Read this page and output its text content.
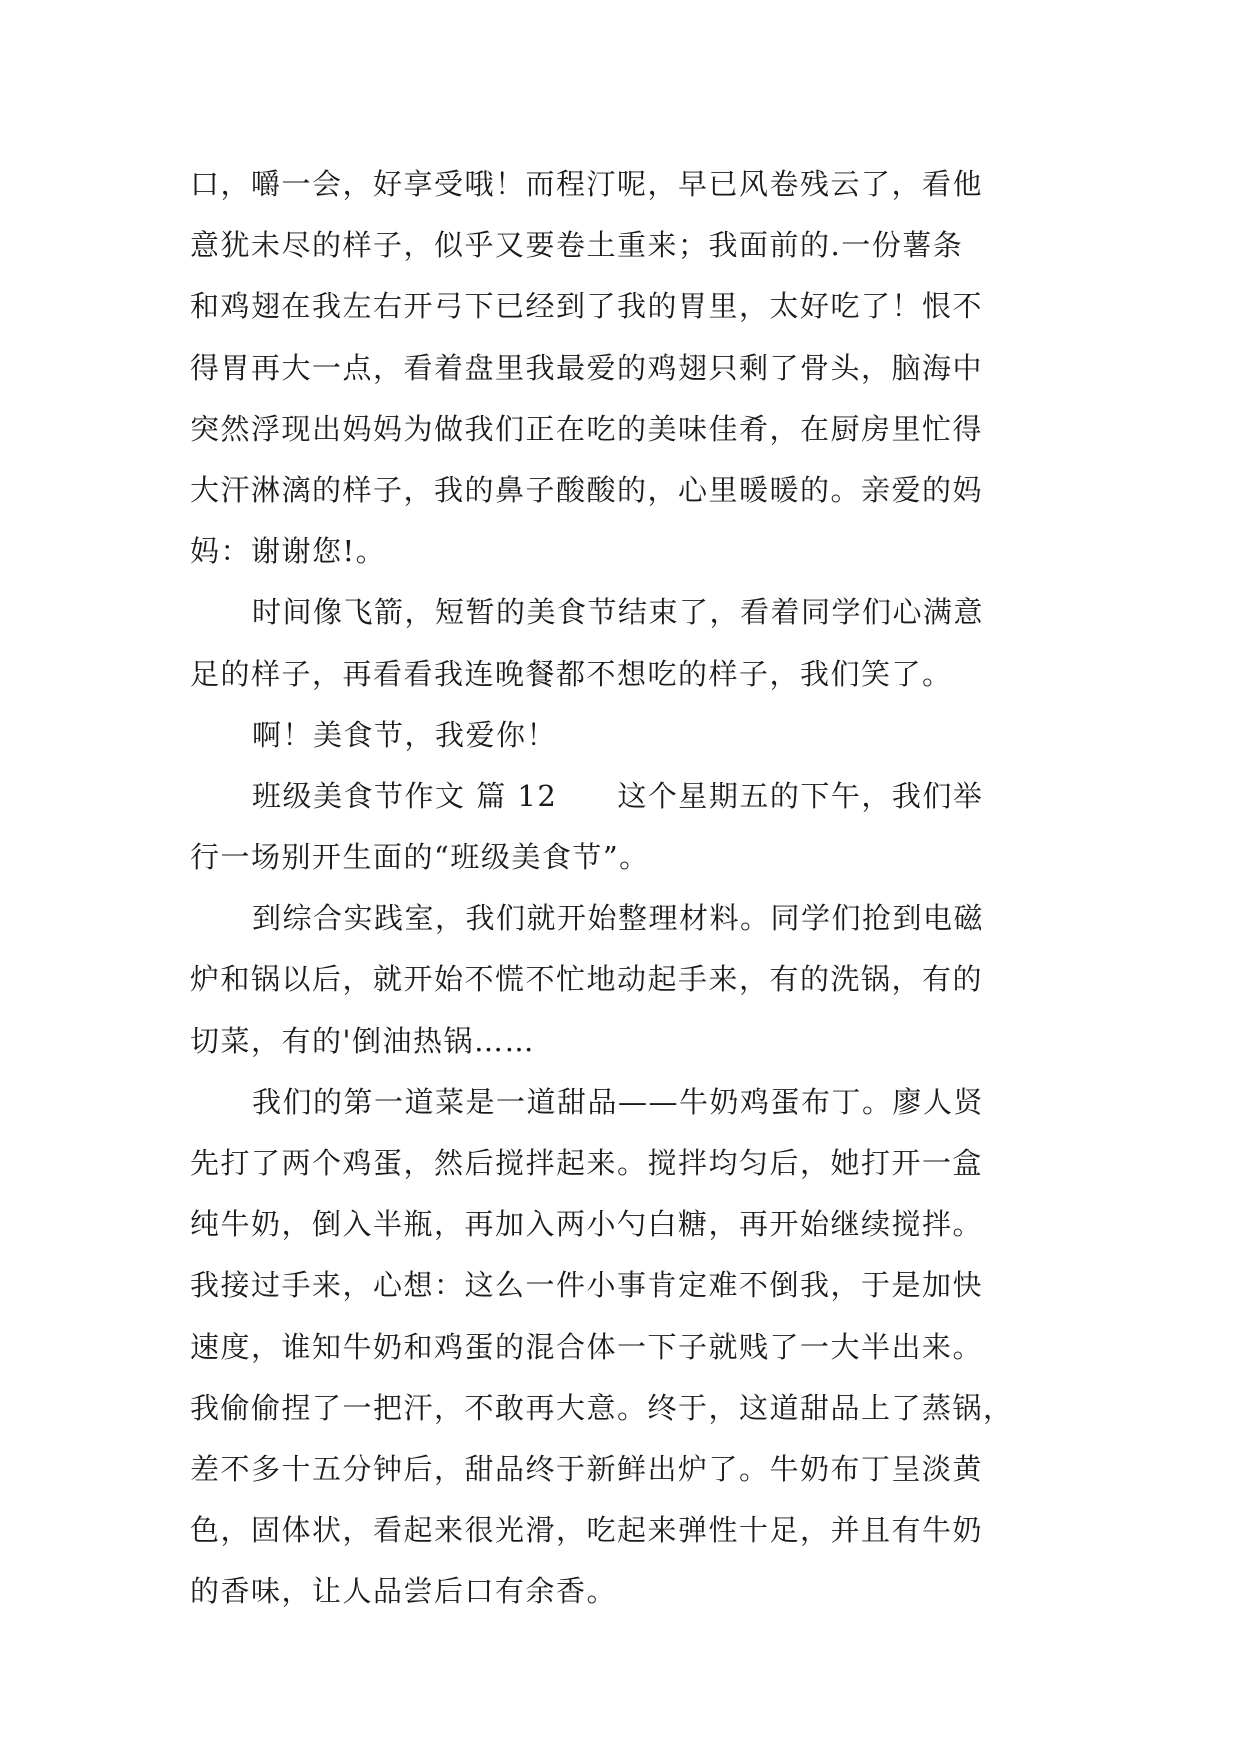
口，嚼一会，好享受哦！而程汀呢，早已风卷残云了，看他
意犹未尽的样子，似乎又要卷土重来；我面前的.一份薯条
和鸡翅在我左右开弓下已经到了我的胃里，太好吃了！恨不
得胃再大一点，看着盘里我最爱的鸡翅只剩了骨头，脑海中
突然浮现出妈妈为做我们正在吃的美味佳肴，在厨房里忙得
大汗淋漓的样子，我的鼻子酸酸的，心里暖暖的。亲爱的妈
妈：谢谢您!。
时间像飞箭，短暂的美食节结束了，看着同学们心满意
足的样子，再看看我连晚餐都不想吃的样子，我们笑了。
啊！美食节，我爱你！
班级美食节作文 篇 12 这个星期五的下午，我们举
行一场别开生面的“班级美食节”。
到综合实践室，我们就开始整理材料。同学们抢到电磁
炉和锅以后，就开始不慌不忙地动起手来，有的洗锅，有的
切菜，有的'倒油热锅……
我们的第一道菜是一道甜品——牛奶鸡蛋布丁。廖人贤
先打了两个鸡蛋，然后搅拌起来。搅拌均匀后，她打开一盒
纯牛奶，倒入半瓶，再加入两小勺白糖，再开始继续搅拌。
我接过手来，心想：这么一件小事肯定难不倒我，于是加快
速度，谁知牛奶和鸡蛋的混合体一下子就贱了一大半出来。
我偷偷捏了一把汗，不敢再大意。终于，这道甜品上了蒸锅，
差不多十五分钟后，甜品终于新鲜出炉了。牛奶布丁呈淡黄
色，固体状，看起来很光滑，吃起来弹性十足，并且有牛奶
的香味，让人品尝后口有余香。
